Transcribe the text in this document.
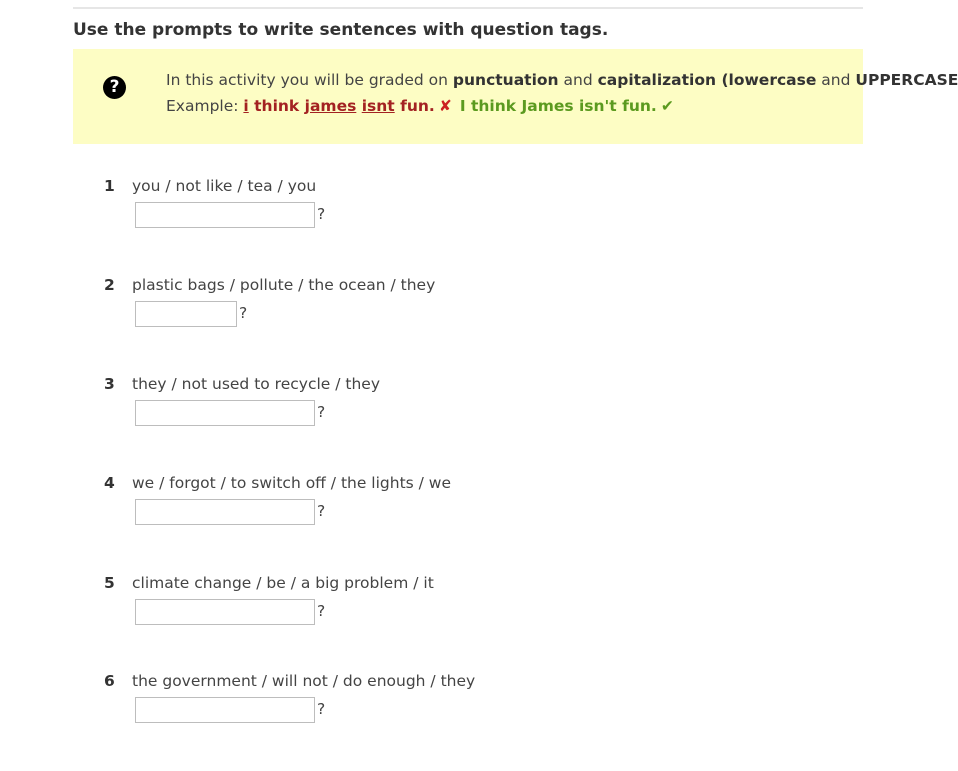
Use the prompts to write sentences with question tags.
?	In this activity you will be graded on punctuation and capitalization (lowercase and UPPERCASE
Example: i think james isnt fun. ✘ I think James isn't fun. ✔
1 you / not like / tea / you
?
2 plastic bags / pollute / the ocean / they
?
3 they / not used to recycle / they
?
4 we / forgot / to switch off / the lights / we
?
5 climate change / be / a big problem / it
?
6 the government / will not / do enough / they
?
